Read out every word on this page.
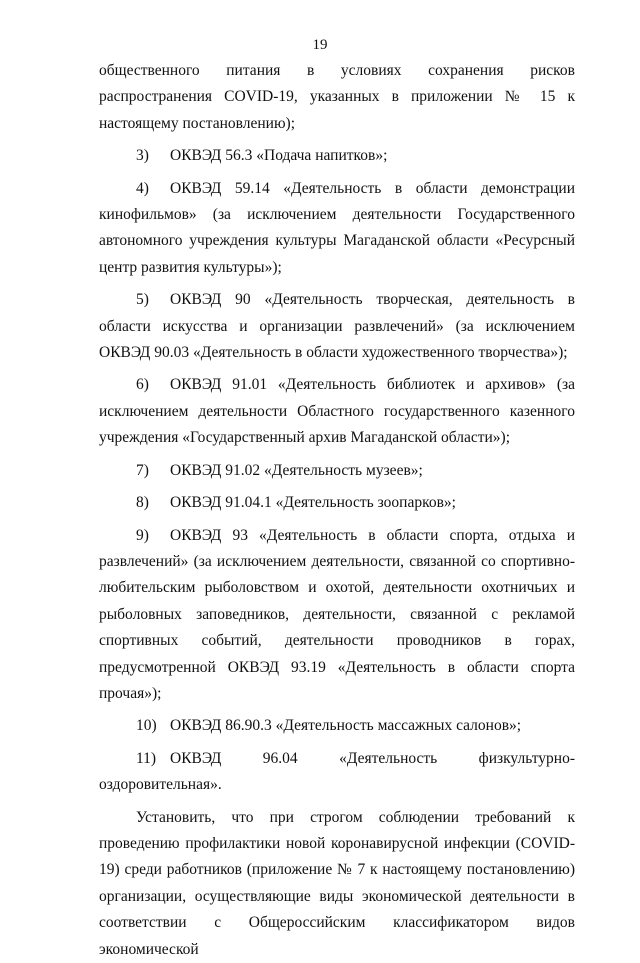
19

общественного питания в условиях сохранения рисков распространения COVID-19, указанных в приложении № 15 к настоящему постановлению);

3) ОКВЭД 56.3 «Подача напитков»;

4) ОКВЭД 59.14 «Деятельность в области демонстрации кинофильмов» (за исключением деятельности Государственного автономного учреждения культуры Магаданской области «Ресурсный центр развития культуры»);

5) ОКВЭД 90 «Деятельность творческая, деятельность в области искусства и организации развлечений» (за исключением ОКВЭД 90.03 «Деятельность в области художественного творчества»);

6) ОКВЭД 91.01 «Деятельность библиотек и архивов» (за исключением деятельности Областного государственного казенного учреждения «Государственный архив Магаданской области»);

7) ОКВЭД 91.02 «Деятельность музеев»;

8) ОКВЭД 91.04.1 «Деятельность зоопарков»;

9) ОКВЭД 93 «Деятельность в области спорта, отдыха и развлечений» (за исключением деятельности, связанной со спортивно-любительским рыболовством и охотой, деятельности охотничьих и рыболовных заповедников, деятельности, связанной с рекламой спортивных событий, деятельности проводников в горах, предусмотренной ОКВЭД 93.19 «Деятельность в области спорта прочая»);

10) ОКВЭД 86.90.3 «Деятельность массажных салонов»;

11) ОКВЭД 96.04 «Деятельность физкультурно-оздоровительная».

Установить, что при строгом соблюдении требований к проведению профилактики новой коронавирусной инфекции (COVID-19) среди работников (приложение № 7 к настоящему постановлению) организации, осуществляющие виды экономической деятельности в соответствии с Общероссийским классификатором видов экономической
